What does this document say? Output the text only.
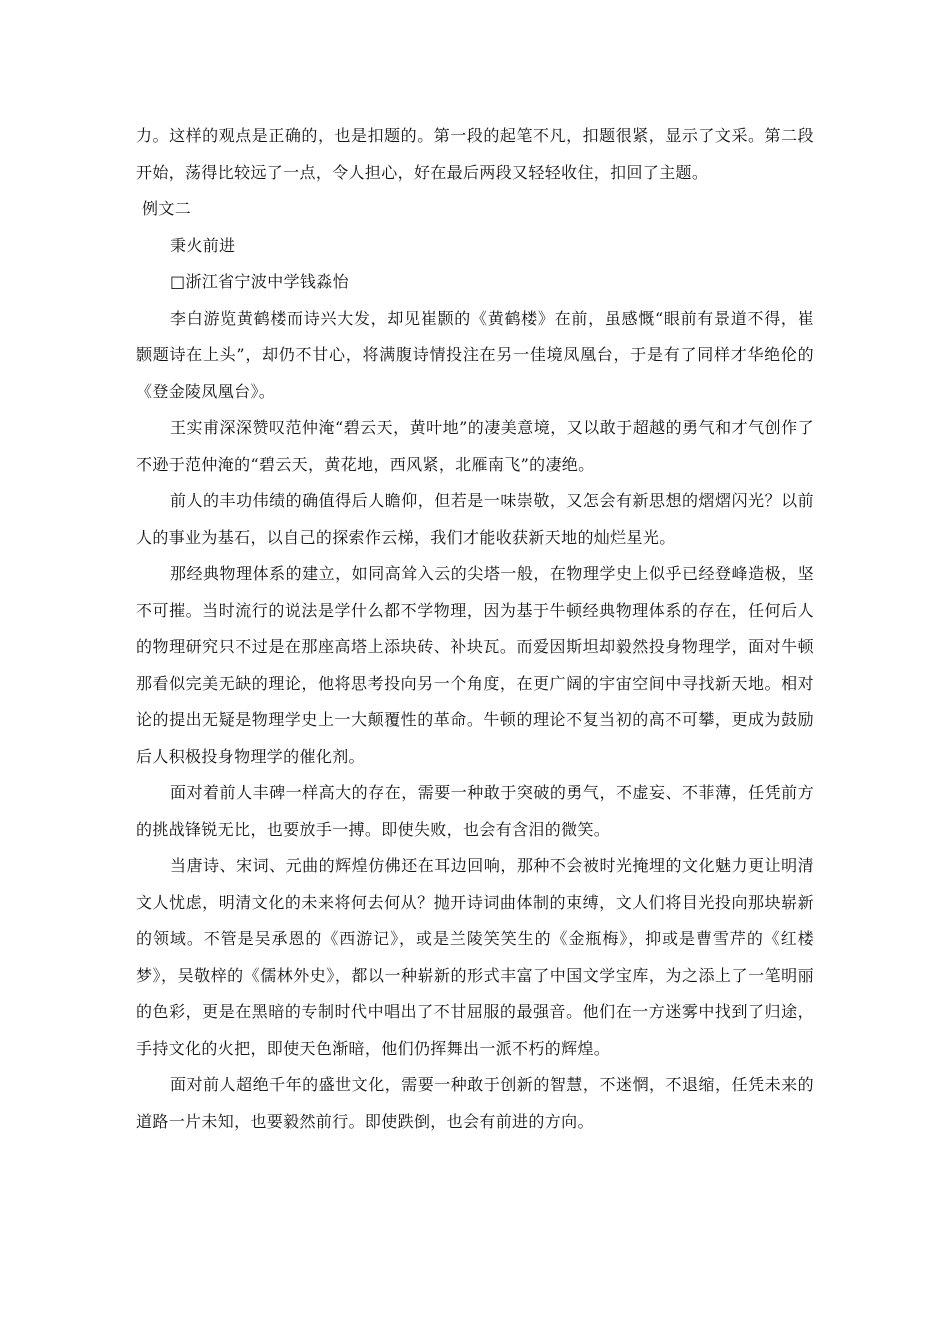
力。这样的观点是正确的，也是扣题的。第一段的起笔不凡，扣题很紧，显示了文采。第二段开始，荡得比较远了一点，令人担心，好在最后两段又轻轻收住，扣回了主题。

例文二

秉火前进

□浙江省宁波中学钱淼怡

李白游览黄鹤楼而诗兴大发，却见崔颢的《黄鹤楼》在前，虽感慨“眼前有景道不得，崔颢题诗在上头”，却仍不甘心，将满腹诗情投注在另一佳境凤凰台，于是有了同样才华绝伦的《登金陵凤凰台》。

王实甫深深赞叹范仲淹“碧云天，黄叶地”的凄美意境，又以敢于超越的勇气和才气创作了不逊于范仲淹的“碧云天，黄花地，西风紧，北雁南飞”的凄绝。

前人的丰功伟绩的确值得后人瞻仰，但若是一味崇敬，又怎会有新思想的熠熠闪光？以前人的事业为基石，以自己的探索作云梯，我们才能收获新天地的灿烂星光。

那经典物理体系的建立，如同高耸入云的尖塔一般，在物理学史上似乎已经登峰造极，坚不可摧。当时流行的说法是学什么都不学物理，因为基于牛顿经典物理体系的存在，任何后人的物理研究只不过是在那座高塔上添块砖、补块瓦。而爱因斯坦却毅然投身物理学，面对牛顿那看似完美无缺的理论，他将思考投向另一个角度，在更广阔的宇宙空间中寻找新天地。相对论的提出无疑是物理学史上一大颠覆性的革命。牛顿的理论不复当初的高不可攀，更成为鼓励后人积极投身物理学的催化剂。

面对着前人丰碑一样高大的存在，需要一种敢于突破的勇气，不虚妄、不菲薄，任凭前方的挑战锋锐无比，也要放手一搏。即使失败，也会有含泪的微笑。

当唐诗、宋词、元曲的辉煌仿佛还在耳边回响，那种不会被时光掩埋的文化魅力更让明清文人忧虑，明清文化的未来将何去何从？抛开诗词曲体制的束缚，文人们将目光投向那块崭新的领域。不管是吴承恩的《西游记》，或是兰陵笑笑生的《金瓶梅》，抑或是曹雪芹的《红楼梦》，吴敬梓的《儒林外史》，都以一种崭新的形式丰富了中国文学宝库，为之添上了一笔明丽的色彩，更是在黑暗的专制时代中唱出了不甘屈服的最强音。他们在一方迷雾中找到了归途，手持文化的火把，即使天色渐暗，他们仍挥舞出一派不朽的辉煌。

面对前人超绝千年的盛世文化，需要一种敢于创新的智慧，不迷惘，不退缩，任凭未来的道路一片未知，也要毅然前行。即使跌倒，也会有前进的方向。
